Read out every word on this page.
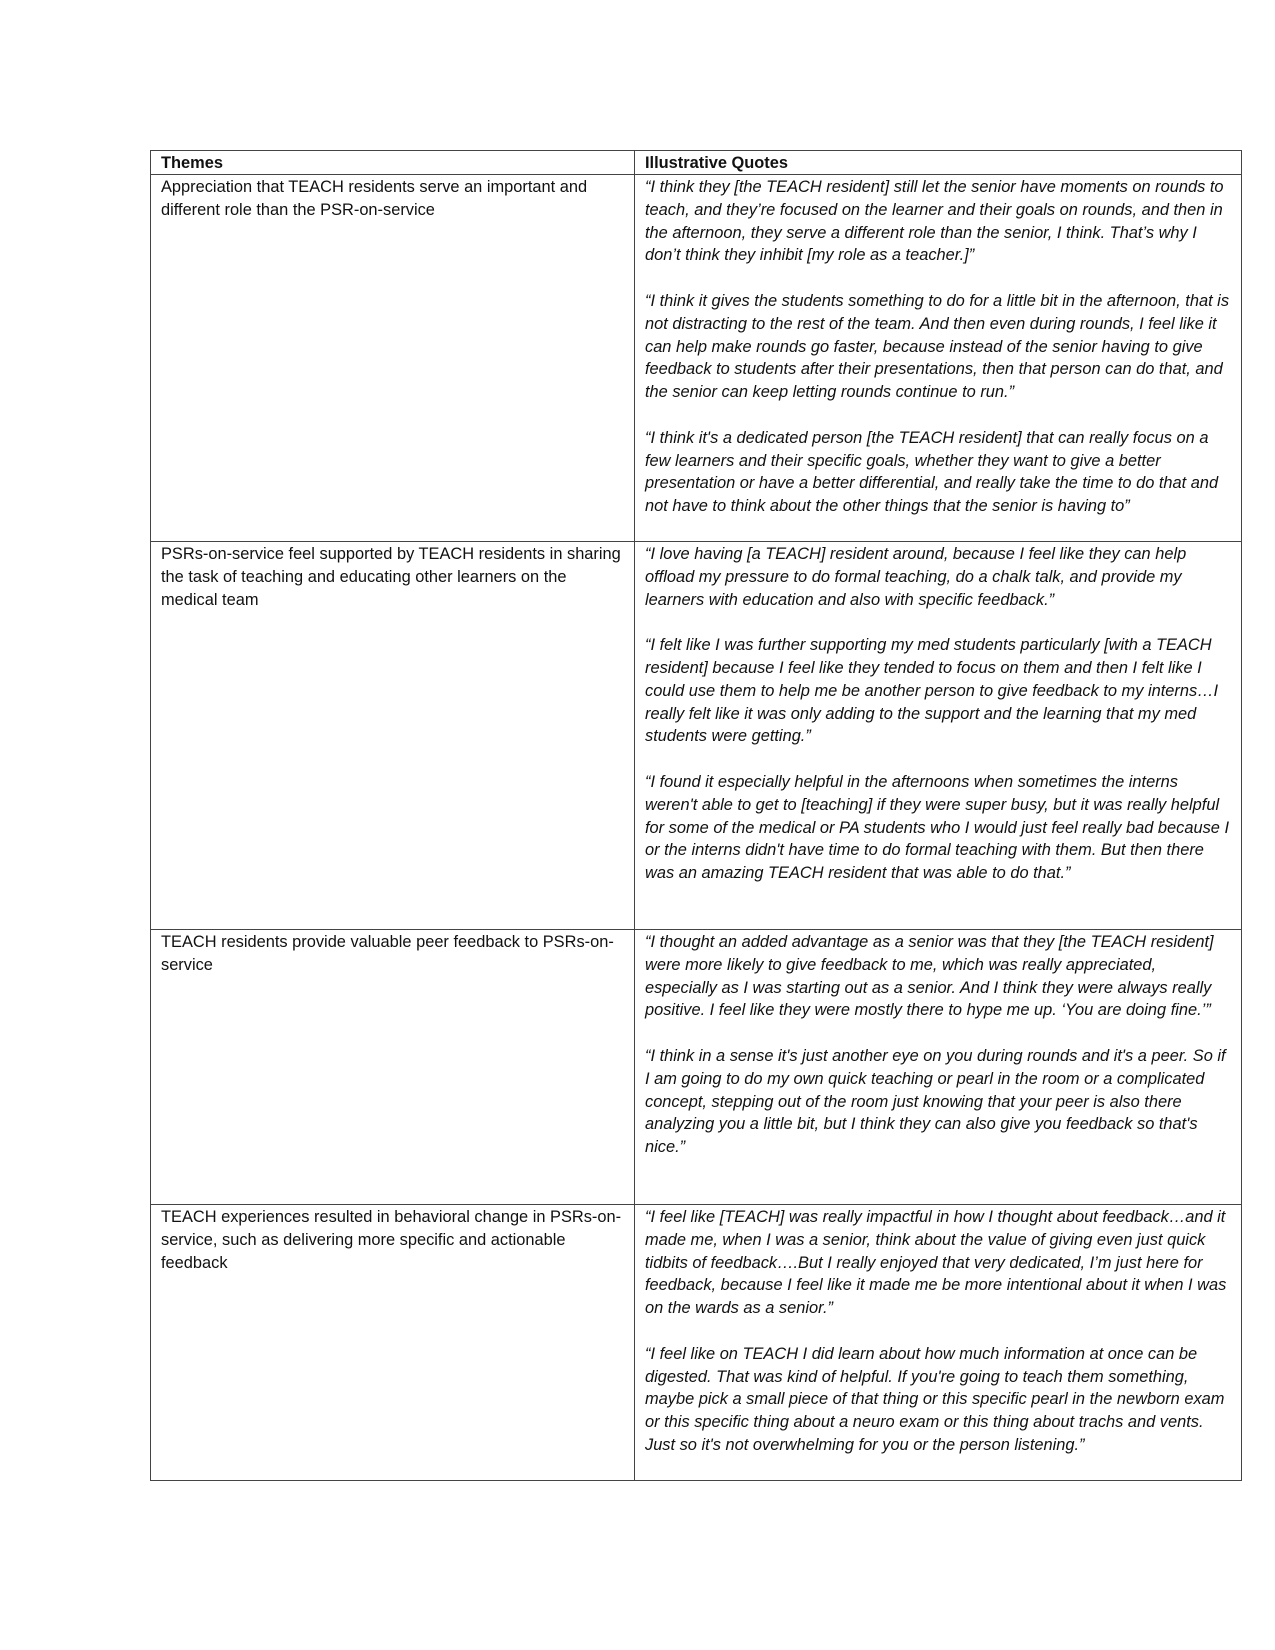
Themes	Illustrative Quotes

Appreciation that TEACH residents serve an important and different role than the PSR-on-service	“I think they [the TEACH resident] still let the senior have moments on rounds to teach, and they’re focused on the learner and their goals on rounds, and then in the afternoon, they serve a different role than the senior, I think. That’s why I don’t think they inhibit [my role as a teacher.]”
“I think it gives the students something to do for a little bit in the afternoon, that is not distracting to the rest of the team. And then even during rounds, I feel like it can help make rounds go faster, because instead of the senior having to give feedback to students after their presentations, then that person can do that, and the senior can keep letting rounds continue to run.”
“I think it's a dedicated person [the TEACH resident] that can really focus on a few learners and their specific goals, whether they want to give a better presentation or have a better differential, and really take the time to do that and not have to think about the other things that the senior is having to”

PSRs-on-service feel supported by TEACH residents in sharing the task of teaching and educating other learners on the medical team	“I love having [a TEACH] resident around, because I feel like they can help offload my pressure to do formal teaching, do a chalk talk, and provide my learners with education and also with specific feedback.”
“I felt like I was further supporting my med students particularly [with a TEACH resident] because I feel like they tended to focus on them and then I felt like I could use them to help me be another person to give feedback to my interns…I really felt like it was only adding to the support and the learning that my med students were getting.”
“I found it especially helpful in the afternoons when sometimes the interns weren't able to get to [teaching] if they were super busy, but it was really helpful for some of the medical or PA students who I would just feel really bad because I or the interns didn't have time to do formal teaching with them. But then there was an amazing TEACH resident that was able to do that.”

TEACH residents provide valuable peer feedback to PSRs-on-service	“I thought an added advantage as a senior was that they [the TEACH resident] were more likely to give feedback to me, which was really appreciated, especially as I was starting out as a senior. And I think they were always really positive. I feel like they were mostly there to hype me up. ‘You are doing fine.’”
“I think in a sense it's just another eye on you during rounds and it's a peer. So if I am going to do my own quick teaching or pearl in the room or a complicated concept, stepping out of the room just knowing that your peer is also there analyzing you a little bit, but I think they can also give you feedback so that's nice.”

TEACH experiences resulted in behavioral change in PSRs-on-service, such as delivering more specific and actionable feedback	“I feel like [TEACH] was really impactful in how I thought about feedback…and it made me, when I was a senior, think about the value of giving even just quick tidbits of feedback….But I really enjoyed that very dedicated, I’m just here for feedback, because I feel like it made me be more intentional about it when I was on the wards as a senior.”
“I feel like on TEACH I did learn about how much information at once can be digested. That was kind of helpful. If you're going to teach them something, maybe pick a small piece of that thing or this specific pearl in the newborn exam or this specific thing about a neuro exam or this thing about trachs and vents. Just so it's not overwhelming for you or the person listening.”
